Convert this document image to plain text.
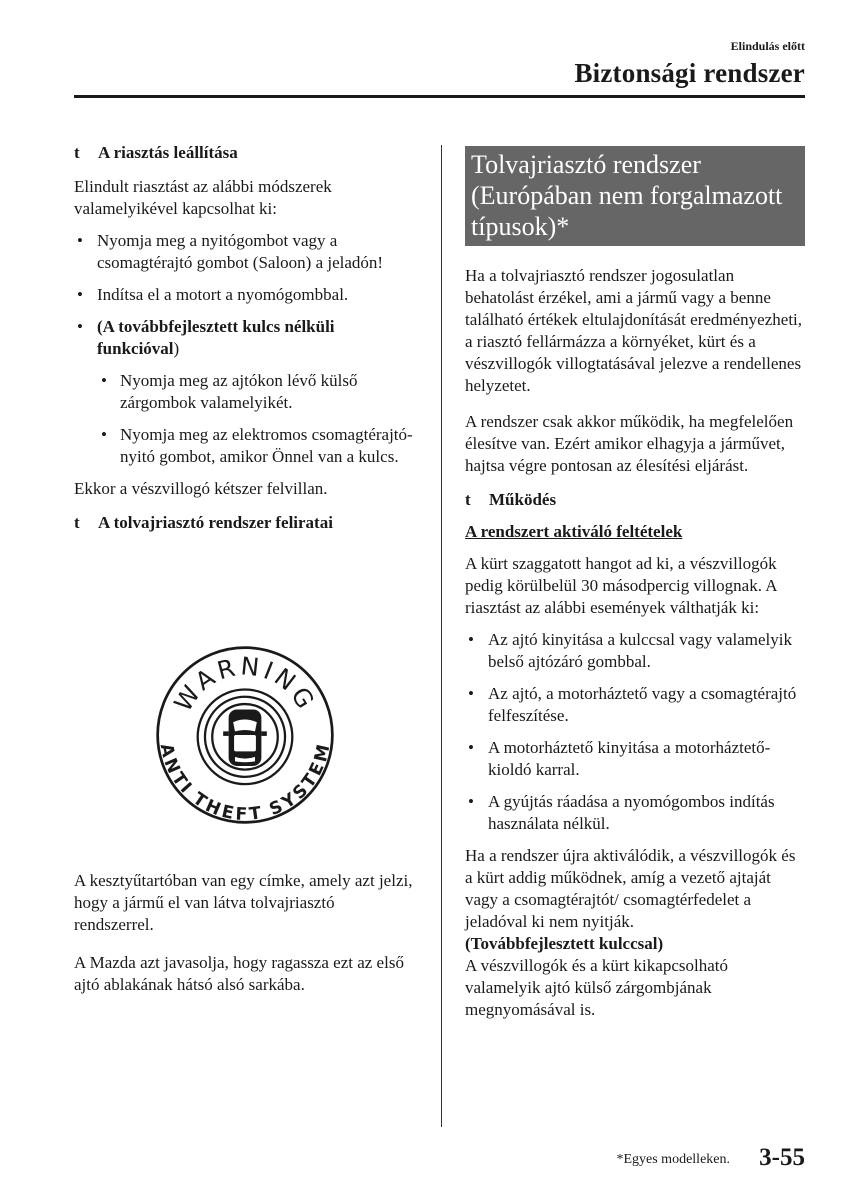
Elindulás előtt
Biztonsági rendszer
t	A riasztás leállítása

Elindult riasztást az alábbi módszerek valamelyikével kapcsolhat ki:

• Nyomja meg a nyitógombot vagy a csomagtérajtó gombot (Saloon) a jeladón!
• Indítsa el a motort a nyomógombbal.
• (A továbbfejlesztett kulcs nélküli funkcióval)
• Nyomja meg az ajtókon lévő külső zárgombok valamelyikét.
• Nyomja meg az elektromos csomagtérajtó-nyitó gombot, amikor Önnel van a kulcs.

Ekkor a vészvillogó kétszer felvillan.

t	A tolvajriasztó rendszer feliratai
WARNING
ANTI THEFT SYSTEM

A kesztyűtartóban van egy címke, amely azt jelzi, hogy a jármű el van látva tolvajriasztó rendszerrel.

A Mazda azt javasolja, hogy ragassza ezt az első ajtó ablakának hátsó alsó sarkába.

Tolvajriasztó rendszer (Európában nem forgalmazott típusok)*

Ha a tolvajriasztó rendszer jogosulatlan behatolást érzékel, ami a jármű vagy a benne található értékek eltulajdonítását eredményezheti, a riasztó fellármázza a környéket, kürt és a vészvillogók villogtatásával jelezve a rendellenes helyzetet.

A rendszer csak akkor működik, ha megfelelően élesítve van. Ezért amikor elhagyja a járművet, hajtsa végre pontosan az élesítési eljárást.

t	Működés
A rendszert aktiváló feltételek

A kürt szaggatott hangot ad ki, a vészvillogók pedig körülbelül 30 másodpercig villognak. A riasztást az alábbi események válthatják ki:

• Az ajtó kinyitása a kulccsal vagy valamelyik belső ajtózáró gombbal.
• Az ajtó, a motorháztető vagy a csomagtérajtó felfeszítése.
• A motorháztető kinyitása a motorháztető-kioldó karral.
• A gyújtás ráadása a nyomógombos indítás használata nélkül.

Ha a rendszer újra aktiválódik, a vészvillogók és a kürt addig működnek, amíg a vezető ajtaját vagy a csomagtérajtót/ csomagtérfedelet a jeladóval ki nem nyitják.

(Továbbfejlesztett kulccsal)

A vészvillogók és a kürt kikapcsolható valamelyik ajtó külső zárgombjának megnyomásával is.

*Egyes modelleken. 3-55
